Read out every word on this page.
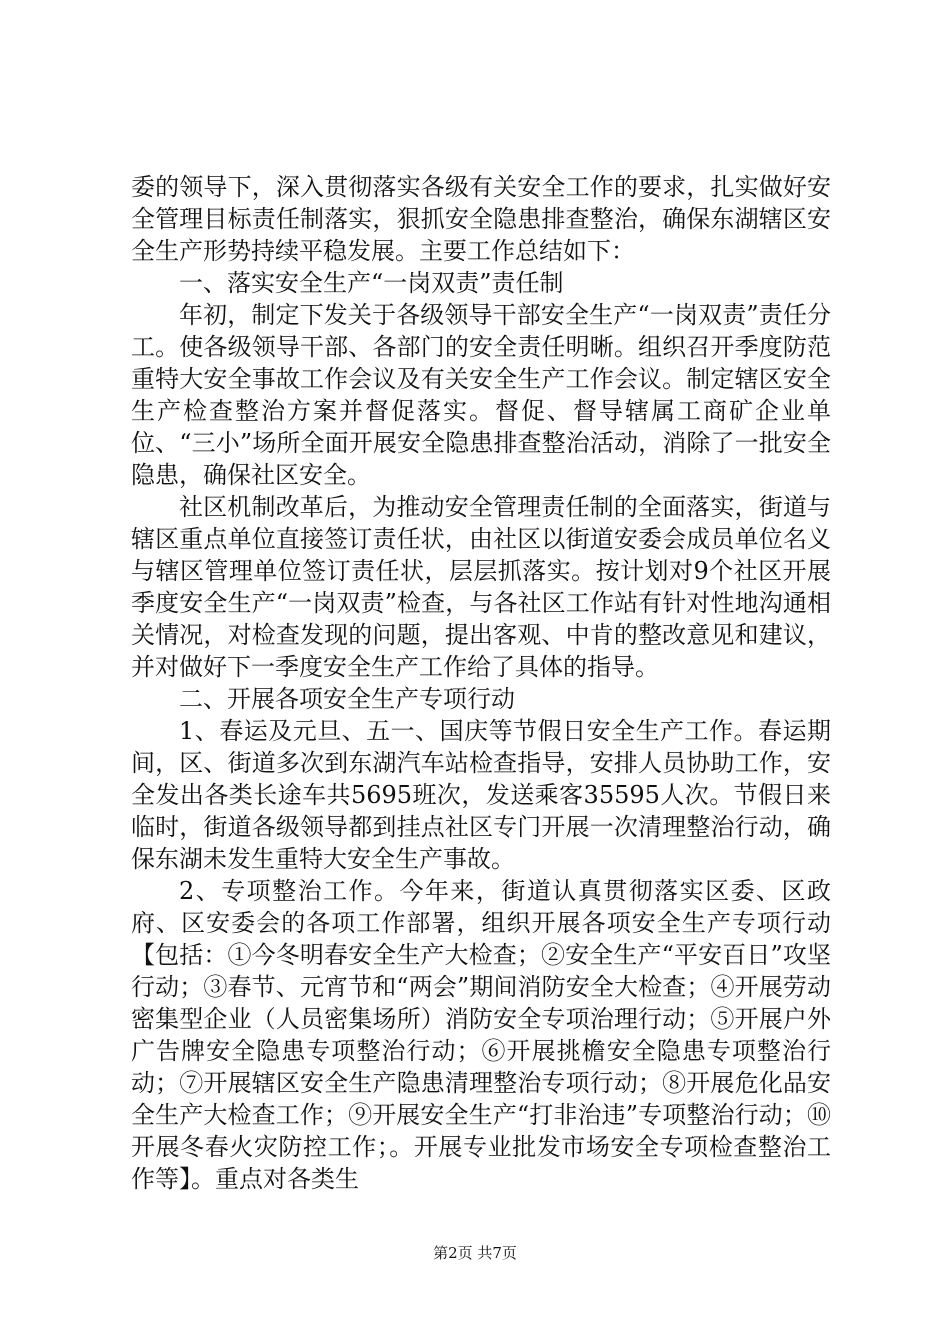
委的领导下，深入贯彻落实各级有关安全工作的要求，扎实做好安全管理目标责任制落实，狠抓安全隐患排查整治，确保东湖辖区安全生产形势持续平稳发展。主要工作总结如下：

一、落实安全生产“一岗双责”责任制

年初，制定下发关于各级领导干部安全生产“一岗双责”责任分工。使各级领导干部、各部门的安全责任明晰。组织召开季度防范重特大安全事故工作会议及有关安全生产工作会议。制定辖区安全生产检查整治方案并督促落实。督促、督导辖属工商矿企业单位、“三小”场所全面开展安全隐患排查整治活动，消除了一批安全隐患，确保社区安全。

社区机制改革后，为推动安全管理责任制的全面落实，街道与辖区重点单位直接签订责任状，由社区以街道安委会成员单位名义与辖区管理单位签订责任状，层层抓落实。按计划对9个社区开展季度安全生产“一岗双责”检查，与各社区工作站有针对性地沟通相关情况，对检查发现的问题，提出客观、中肯的整改意见和建议，并对做好下一季度安全生产工作给了具体的指导。

二、开展各项安全生产专项行动

1、春运及元旦、五一、国庆等节假日安全生产工作。春运期间，区、街道多次到东湖汽车站检查指导，安排人员协助工作，安全发出各类长途车共5695班次，发送乘客35595人次。节假日来临时，街道各级领导都到挂点社区专门开展一次清理整治行动，确保东湖未发生重特大安全生产事故。

2、专项整治工作。今年来，街道认真贯彻落实区委、区政府、区安委会的各项工作部署，组织开展各项安全生产专项行动【包括：①今冬明春安全生产大检查；②安全生产“平安百日”攻坚行动；③春节、元宵节和“两会”期间消防安全大检查；④开展劳动密集型企业（人员密集场所）消防安全专项治理行动；⑤开展户外广告牌安全隐患专项整治行动；⑥开展挑檐安全隐患专项整治行动；⑦开展辖区安全生产隐患清理整治专项行动；⑧开展危化品安全生产大检查工作；⑨开展安全生产“打非治违”专项整治行动；⑩开展冬春火灾防控工作；。开展专业批发市场安全专项检查整治工作等】。重点对各类生

第2页 共7页
